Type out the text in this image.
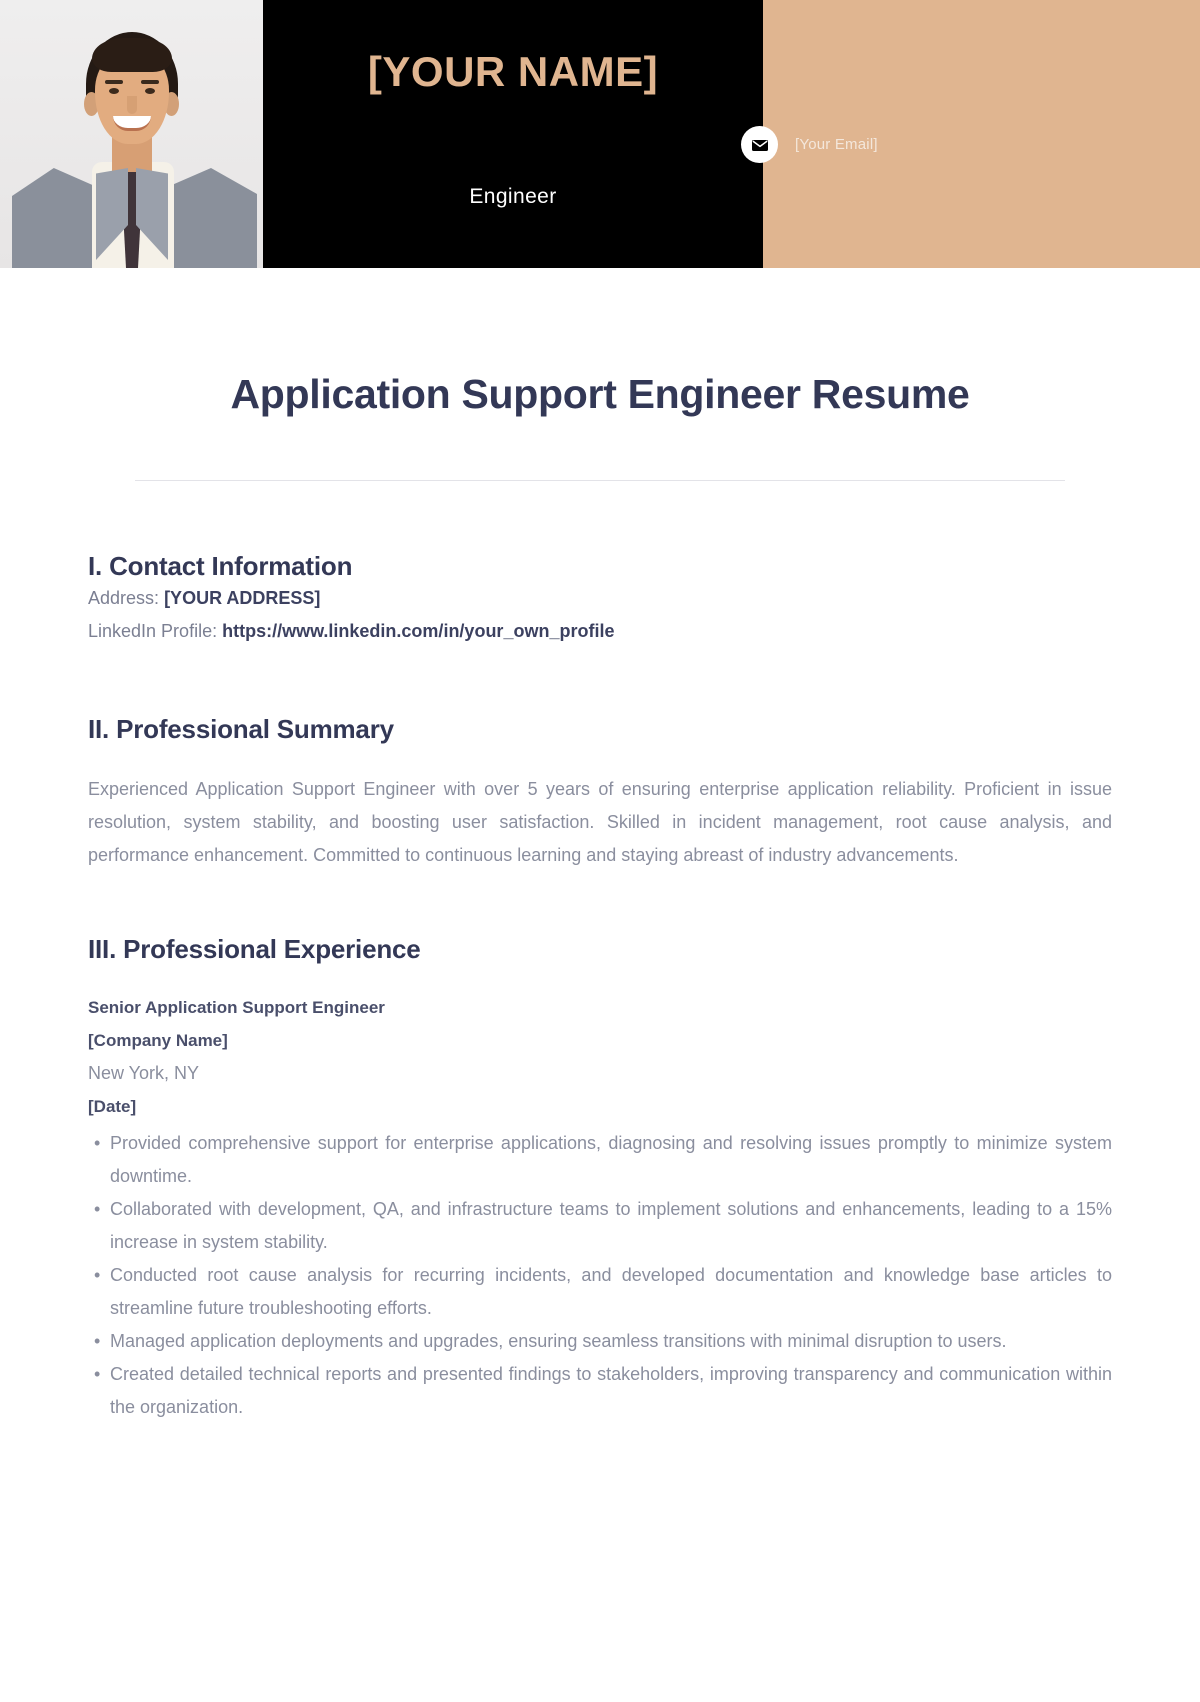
[YOUR NAME]
Engineer
[Your Email]
Application Support Engineer Resume
I. Contact Information
Address: [YOUR ADDRESS]
LinkedIn Profile: https://www.linkedin.com/in/your_own_profile
II. Professional Summary

Experienced Application Support Engineer with over 5 years of ensuring enterprise application reliability. Proficient in issue resolution, system stability, and boosting user satisfaction. Skilled in incident management, root cause analysis, and performance enhancement. Committed to continuous learning and staying abreast of industry advancements.

III. Professional Experience
Senior Application Support Engineer
[Company Name]
New York, NY
[Date]
• Provided comprehensive support for enterprise applications, diagnosing and resolving issues promptly to minimize system downtime.
• Collaborated with development, QA, and infrastructure teams to implement solutions and enhancements, leading to a 15% increase in system stability.
• Conducted root cause analysis for recurring incidents, and developed documentation and knowledge base articles to streamline future troubleshooting efforts.
• Managed application deployments and upgrades, ensuring seamless transitions with minimal disruption to users.
• Created detailed technical reports and presented findings to stakeholders, improving transparency and communication within the organization.
